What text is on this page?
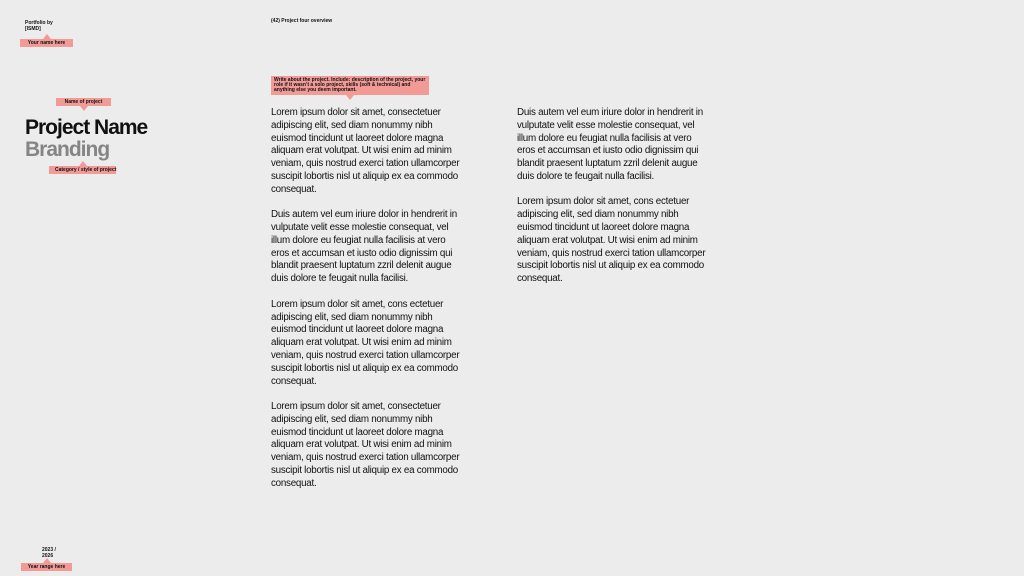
Portfolio by
[ISMD]
Your name here
(42) Project four overview
Write about the project. Include: description of the project, your role if it wasn’t a solo project, skills (soft & technical) and anything else you deem important.
Name of project
Project Name
Branding
Category / style of project

Lorem ipsum dolor sit amet, consectetuer
adipiscing elit, sed diam nonummy nibh
euismod tincidunt ut laoreet dolore magna
aliquam erat volutpat. Ut wisi enim ad minim
veniam, quis nostrud exerci tation ullamcorper
suscipit lobortis nisl ut aliquip ex ea commodo
consequat.

Duis autem vel eum iriure dolor in hendrerit in
vulputate velit esse molestie consequat, vel
illum dolore eu feugiat nulla facilisis at vero
eros et accumsan et iusto odio dignissim qui
blandit praesent luptatum zzril delenit augue
duis dolore te feugait nulla facilisi.

Lorem ipsum dolor sit amet, cons ectetuer
adipiscing elit, sed diam nonummy nibh
euismod tincidunt ut laoreet dolore magna
aliquam erat volutpat. Ut wisi enim ad minim
veniam, quis nostrud exerci tation ullamcorper
suscipit lobortis nisl ut aliquip ex ea commodo
consequat.

Lorem ipsum dolor sit amet, consectetuer
adipiscing elit, sed diam nonummy nibh
euismod tincidunt ut laoreet dolore magna
aliquam erat volutpat. Ut wisi enim ad minim
veniam, quis nostrud exerci tation ullamcorper
suscipit lobortis nisl ut aliquip ex ea commodo
consequat.

Duis autem vel eum iriure dolor in hendrerit in
vulputate velit esse molestie consequat, vel
illum dolore eu feugiat nulla facilisis at vero
eros et accumsan et iusto odio dignissim qui
blandit praesent luptatum zzril delenit augue
duis dolore te feugait nulla facilisi.

Lorem ipsum dolor sit amet, cons ectetuer
adipiscing elit, sed diam nonummy nibh
euismod tincidunt ut laoreet dolore magna
aliquam erat volutpat. Ut wisi enim ad minim
veniam, quis nostrud exerci tation ullamcorper
suscipit lobortis nisl ut aliquip ex ea commodo
consequat.

2023 /
2026
Year range here
